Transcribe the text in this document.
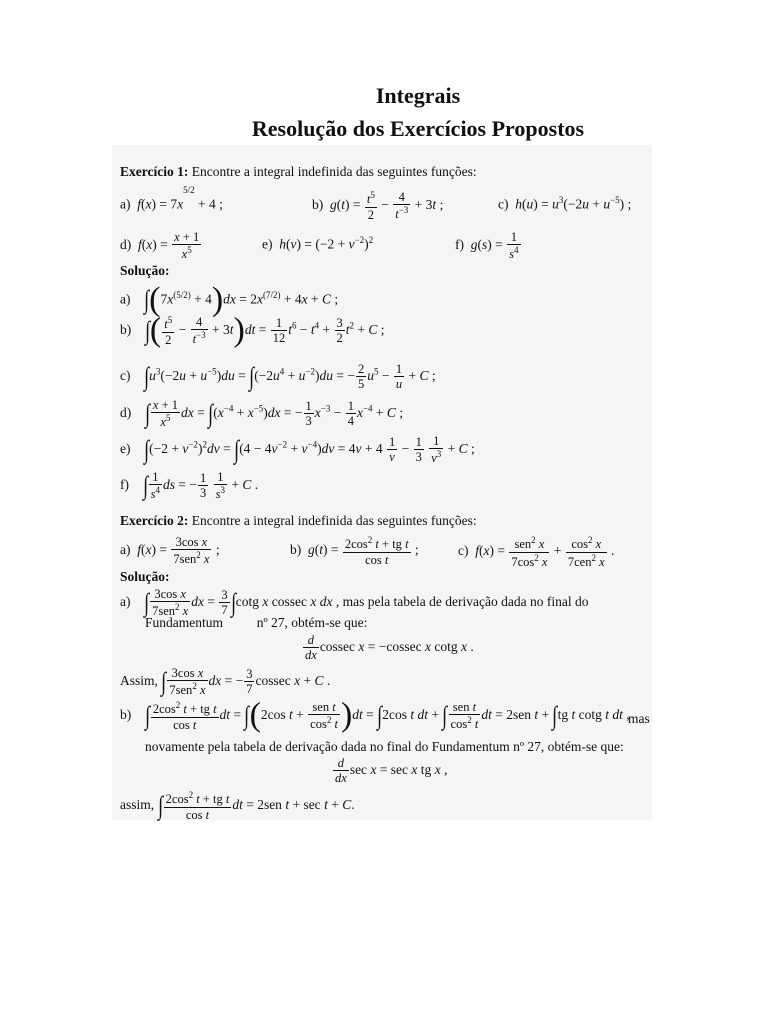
Integrais
Resolução dos Exercícios Propostos
Exercício 1: Encontre a integral indefinida das seguintes funções:
a) $f(x) = 7x^{5/2} + 4$ ;	b) $g(t) = \frac{t^5}{2} - \frac{4}{t^{-3}} + 3t$ ;	c) $h(u) = u^3(-2u + u^{-5})$ ;
d) $f(x) = \frac{x + 1}{x^5}$	e) $h(v) = (-2 + v^{-2})^2$	f) $g(s) = \frac{1}{s^4}$
Solução:
a) $\int(7x^{(5/2)} + 4)dx = 2x^{(7/2)} + 4x + C$ ;
b) ∫( $\frac{t^5}{2} - \frac{4}{t^{-3}} + 3t)dt = \frac{1}{12} t^6 - t^4 + \frac{3}{2} t^2 + C$ ;
c) $\int u^3(-2u + u^{-5})du = \int(-2u^4 + u^{-2})du$ = − $\frac{2}{5} u^5 - \frac{1}{u} + C$ ;
d) ∫ $\frac{x + 1}{x^5}$ dx = $\int(x^{-4} + x^{-5})dx$ = − $\frac{1}{3} x^{-3} - \frac{1}{4} x^{-4} + C$ ;
e) $\int(-2 + v^{-2})^2dv = \int(4 - 4v^{-2} + v^{-4})dv = 4v + 4 \frac{1}{v} - \frac{1}{3}$
$\frac{1}{v^3} + C$ ;
f) ∫ $\frac{1}{s^4}$ ds = − $\frac{1}{3}$
$\frac{1}{s^3} + C$ .
Exercício 2: Encontre a integral indefinida das seguintes funções:
a) $f(x) = \frac{\text{3cos x}}{7sen^2 x}$ ;	b) $g(t) = \frac{2\cos^2 t + tg t}{\text{cos t}}$ ;	c) $f(x) = \frac{sen^2 x}{7\cos^2 x} + \frac{\cos^2 x}{7cen^2 x}$ .
Solução:
a) ∫ $\frac{\text{3cos x}}{7sen^2 x}$ dx = $\frac{3}{7} \int\cot g$ x cossec x dx , mas pela tabela de derivação dada no final do
Fundamentum	nº 27, obtém-se que:
$\frac{d}{dx}$ cossec x = −cossec x cotg x .
Assim, ∫ $\frac{\text{3cos x}}{7sen^2 x}$ dx = − $\frac{3}{7}$ cossec x + C .
b) ∫ $\frac{2\cos^2 t + tg t}{\text{cos t}}$ dt = ∫(2cos $t + \frac{\text{sen t}}{\cos^2 t} )dt = \int 2\cos$ t dt + ∫ $\frac{\text{sen t}}{\cos^2 t}$ dt = 2sen t + ∫tg t cotg t dt ,
mas
novamente pela tabela de derivação dada no final do Fundamentum nº 27, obtém-se que:
$\frac{d}{dx}$ sec x = sec x tg x ,
assim, ∫ $\frac{2\cos^2 t + tg t}{\text{cos t}}$ dt = 2sen t + sec t + C.
